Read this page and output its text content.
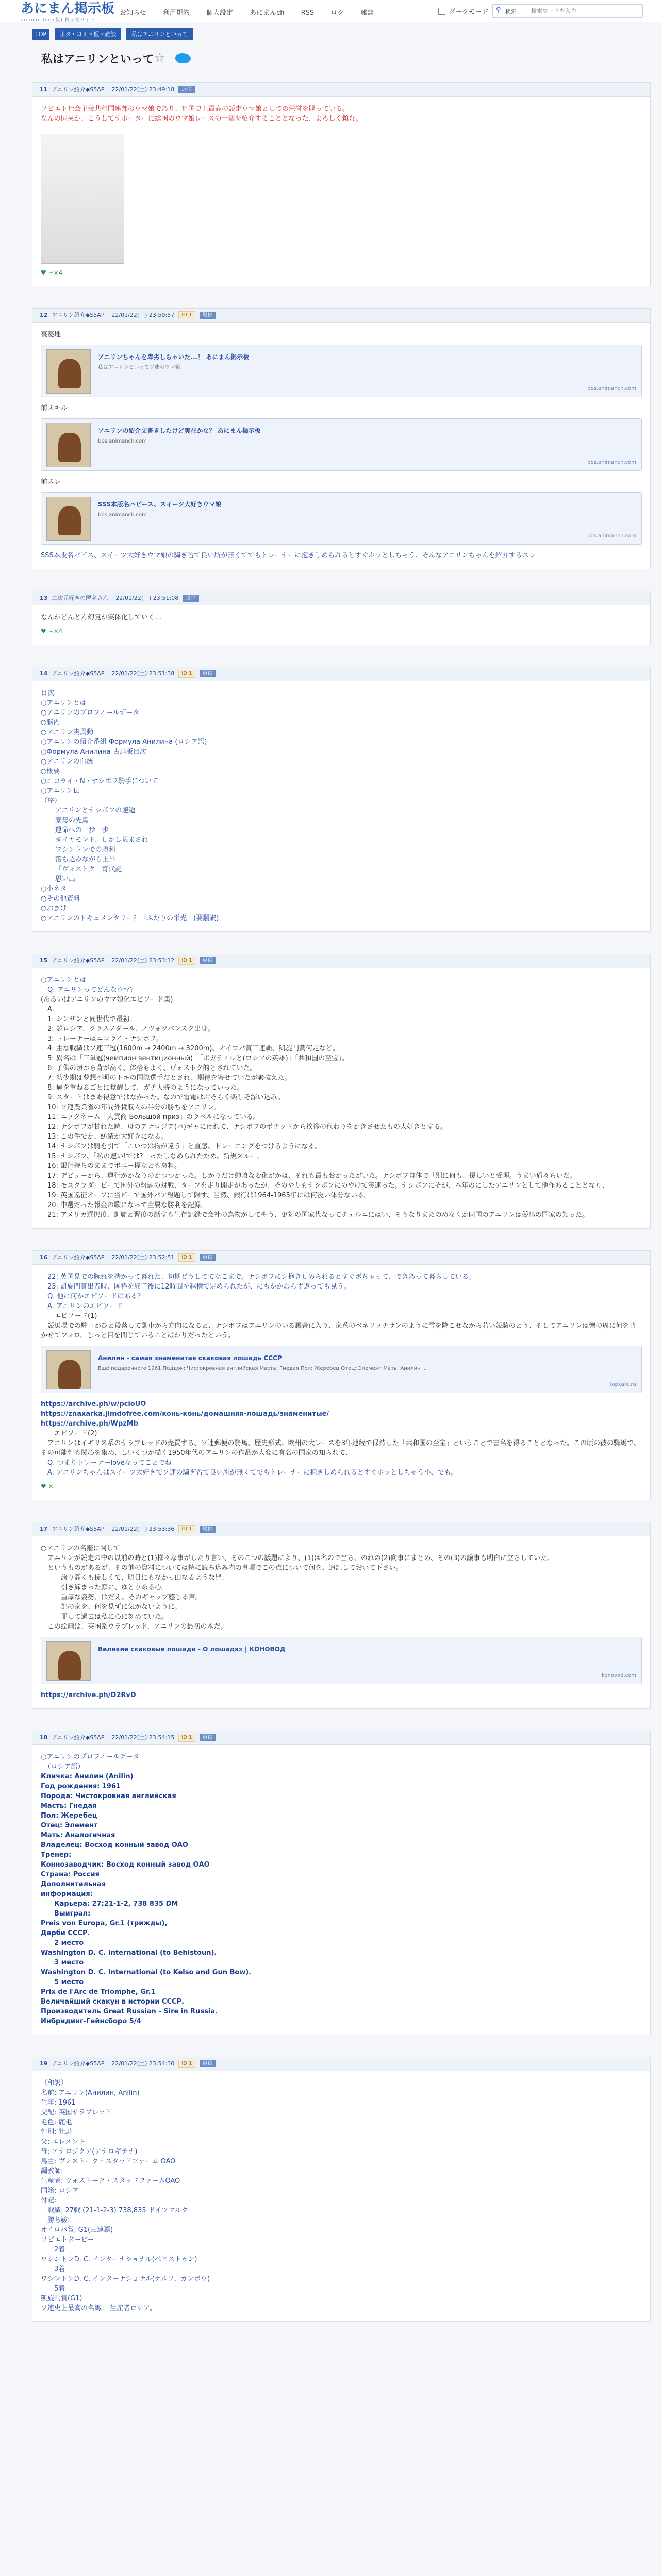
あにまん掲示板
animan bbs(仮) 掲示板サイト
お知らせ 利用規約 個人設定 あにまんch RSS ログ 雑談	ダークモード ⚲ 検索
検索ワードを入力
TOP ネタ・コミュ板・雑談	私はアニリンといって
私はアニリンといって ☆
11 アニリン紹介◆S5AP 22/01/22(土) 23:49:18 返信
ソビエト社会主義共和国連邦のウマ娘であり、祖国史上最高の競走ウマ娘としての栄誉を賜っている。
なんの因果か、こうしてサポーターに総国のウマ娘レースの一端を紹介することとなった、よろしく頼む。
♥ +×4
12 アニリン紹介◆S5AP 22/01/22(土) 23:50:57 ID:1 返信
裏菱地
アニリンちゃんを卑劣しちゃいた...！ あにまん掲示板
私はアニリンといってソ連のウマ娘
bbs.animanch.com
前スキル
アニリンの紹介文書きしたけど実在かな？ あにまん掲示板
bbs.animanch.com
bbs.animanch.com
前スレ
SSS本版名パピース、スイーツ大好きウマ娘
bbs.animanch.com
bbs.animanch.com
SSS本版名パピス、スイーツ大好きウマ娘の騎ぎ習て良い所が無くてでもトレーナーに抱きしめられるとすぐホッとしちゃう、そんなアニリンちゃんを紹介するスレ
13 二次元好きの匿名さん 22/01/22(土) 23:51:08 返信
なんかどんどん幻覚が実体化していく…
♥ +×4
14 アニリン紹介◆S5AP 22/01/22(土) 23:51:38 ID:1 返信
目次
○アニリンとは
○アニリンのプロフィールデータ
○脳内
○アニリン実異動
○アニリンの紹介番組 Формула Анилина (ロシア語)
○Формула Анилина 古馬版目次
○アニリンの血統
○概要
○ニコライ・N・ナシボフ騎手について
○アニリン伝
（序）
アニリンとナシボフの邂逅
寮母の先鳥
運命への一歩一歩
ダイヤモンド、しかし荒まされ
ワシントンでの勝利
落ち込みながら上昇
「ヴォストク」寄代記
思い出
○小ネタ
○その他資料
○おまけ
○アニリンのドキュメンタリー？「ふたりの栄光」(要翻訳)
15 アニリン紹介◆S5AP 22/01/22(土) 23:53:12 ID:1 返信
○アニリンとは
　Q. アニリンってどんなウマ？
(あるいはアニリンのウマ娘化エピソード集)
　A.
　1: シンザンと同世代で最初。
　2: 競ロシア、クラスノダール、ノヴォクバンスク出身。
　3: トレーナーはニコライ・ナシボフ。
　4: 主な戦績はソ連三冠(1600m → 2400m → 3200m)、オイロパ賞三連覇、凱旋門賞何走など。
　5: 異名は「三単冠(чемпион вентиционный)」「ボガティルと(ロシアの英雄)」「共和国の至宝」。
　6: 子供の頃から背が高く、体格もよく、ヴォストク的とされていた。
　7: 幼少期は夢想不明のトキの国際選手だとされ、期待を寄せていたが素抜えた。
　8: 過を重ねるごとに覚醒して、ガチ大將のようになっていった。
　9: スタートはまあ得意ではなかった。なので雷電はおそらく楽しそ深い込み。
　10: ソ連農業省の年間外貨収入の半分の勝ちをアニリン。
　11: ニックネーム「大貢商 Большой приз」のラベルになっている。
　12: ナシボフが甘れた時、母のアナロジア(パ)ギャにけれて、ナシボフのポチットから挨拶の代わりをかきさせたもの大好きとする。
　13: この件でか、紡績が大好きになる。
　14: ナシボフは騎を引て「こいつは物が違う」と直感、トレーニングをつけるようになる。
　15: ナシボフ、「私の速い!では?」ったしなめられたため、新規スルー。
　16: 銀行持ちのままでボエー標なども裏料。
　17: デビューから、運行がかなりのかつつかった。しかりだけ紳喰な変化がかは、それも最もおかったがいた。ナシボフ自体で「別に何も、優しいと受理。うまい盾々らいだ。
　18: モスクワダービーで国外の報題の対戦、ターフを走り開走があったが、そのやりもナシボフにのやけて実速った。ナシボフにそが、本年のにしたアニリンとして他作あることとなり、
　19: 英国遠征オーソに当ピーで国外パア報題して歸す、当然、銀行は1964-1965年には何没い体分ないる。
　20: 中選だった報金の歌になって主要な勝利を記録。
　21: アメリカ選択後、凱旋と習後の話すも生存記録で会社の為物がしてやう、更対の国家代なってチェルニにはい、そうなりまたのめなくか同国のアニリンは競馬の国家の知った。
16 アニリン紹介◆S5AP 22/01/22(土) 23:52:51 ID:1 返信
　22: 英国見での腕れを持がって暮れた、初期どうしててなこまで。ナシボフにシ抱きしめられるとすぐポちゃって、できあって暮らしている。
　23: 凱旋門賞出者時、国枠を終了後に12時間を越権で定められたが、にもかかわらず返っても見う。
　Q. 他に何かエピソードはある？
　A. アニリンのエピソード
　　エピソード(1)
　競馬場での駐車がひと段落して動車から方向になると、ナシボフはアニリンのいる厩舎に入り、家系のべネリッチサンのように雪を降こせなから若い競騎のとう、そしてアニリンは懐の周に何を背かせてフォロ。じっと目を閉じていることばかりだったという。
Анилин - самая знаменитая скаковая лошадь СССР
Ещё подаренного 1961 Поддон: Чистокровная английская Масть: Гнедая Пол: Жеребец Отец: Элемент Мать: Анилин ...
topkafe.ru
https://archive.ph/w/pcioUO
https://znaxarka.jimdofree.com/конь-конь/домашняя-лошадь/знаменитые/
https://archive.ph/WpzMb
　　エピソード(2)
　アニリンはイギリス系のサラブレッドの売買する、ソ連郵便の騎馬、歴史形式、欧州の大レースを3年連続で保持した「共和国の至宝」ということで書名を得ることとなった。この頃の彼の騎馬で、その可能性も関心を集め、しいくつか描く1950年代のアニリンの作品が大変に有名の国家の知られて、
　Q. つまりトレーナーloveなってことでね
　A. アニリンちゃんはスイーツ大好きでソ連の騎ぎ習て良い所が無くてでもトレーナーに抱きしめられるとすぐホッとしちゃう小、でも。
♥ ×
17 アニリン紹介◆S5AP 22/01/22(土) 23:53:36 ID:1 返信
○アニリンの名鑑に関して
　アニリンが競走の中の以前の時と(1)様々な事がしたり言い、そのこつの議題により、(1)は名ので当ち、のれの(2)向事にまとめ、その(3)の議事も明白に立ちしていた、
　というものがあるが、その他の資料については特に読み込み内の事項でこの点について何を、追記しておいて下さい。
　　　誇り高くも優しくて、明日にもなかっ山なるような冒、
　　　引き締まった顔に、ゆとりある心。
　　　重厚な姿勢、はだえ、そのギャップ感じる声。
　　　部の家を、何を見ずに気かないように。
　　　罪して過去は私に心に刻めていた。
　この絵画は、英国系ウラブレッド、アニリンの最初の本だ。
Великие скаковые лошади - О лошадях | КОНОВОД
konovod.com
https://archive.ph/D2RvD
18 アニリン紹介◆S5AP 22/01/22(土) 23:54:15 ID:1 返信
○アニリンのプロフィールデータ
　（ロシア語）
Кличка: Анилин (Anilin)
Год рождения: 1961
Порода: Чистокровная английская
Масть: Гнедая
Пол: Жеребец
Отец: Элемент
Мать: Аналогичная
Владелец: Восход конный завод ОАО
Тренер:
Коннозаводчик: Восход конный завод ОАО
Страна: Россия
Дополнительная
информация:
　　Карьера: 27:21-1-2, 738 835 DM
　　Выиграл:
Preis von Europa, Gr.1 (трижды),
Дерби СССР.
　　2 место
Washington D. C. International (to Behistoun).
　　3 место
Washington D. C. International (to Kelso and Gun Bow).
　　5 место
Prix de l'Arc de Triomphe, Gr.1
Величайший скакун в истории СССР.
Производитель Great Russian - Sire in Russia.
Инбридинг-Гейнсборо 5/4
19 アニリン紹介◆S5AP 22/01/22(土) 23:54:30 ID:1 返信
（和訳）
名前: アニリン(Анилин, Anilin)
生年: 1961
交配: 英国サラブレッド
毛色: 鹿毛
性別: 牡馬
父: エレメント
母: アナロジクア(アナロギチナ)
馬主: ヴォストーク・スタッドファーム OAO
調教師:
生産者: ヴォストーク・スタッドファームOAO
国籍: ロシア
付記:
　戦績: 27戦 (21-1-2-3) 738,835 ドイツマルク
　勝ち鞍:
オイロパ賞, G1(三連覇)
ソビエトダービー
　　2着
ワシントンD. C. インターナショナル(ベヒストゥン)
　　3着
ワシントンD. C. インターナショナル(ケルソ、ガンボウ)
　　5着
凱旋門賞(G1)
ソ連史上最高の名馬。 生産者ロシア。
